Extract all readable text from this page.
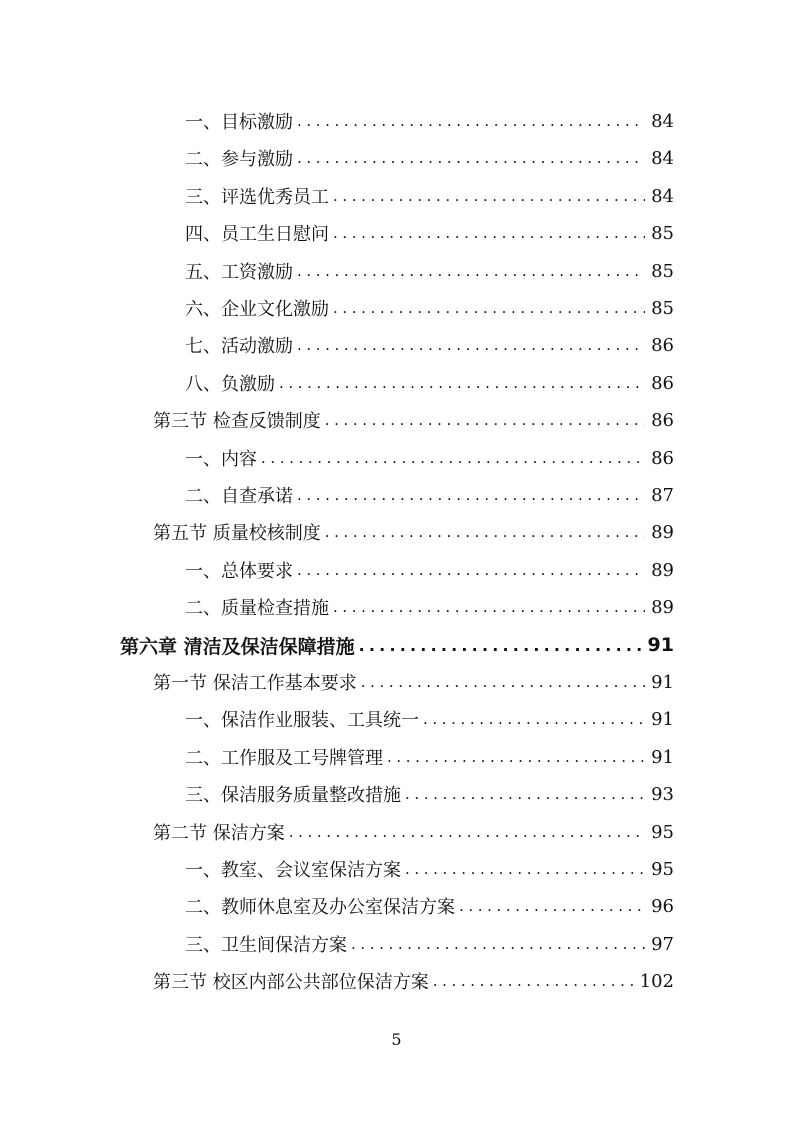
一、目标激励 .....	84
二、参与激励 .....	84
三、评选优秀员工 .....	84
四、员工生日慰问 .....	85
五、工资激励 .....	85
六、企业文化激励 .....	85
七、活动激励 .....	86
八、负激励 .....	86
第三节 检查反馈制度 .....	86
一、内容 .....	86
二、自查承诺 .....	87
第五节 质量校核制度 .....	89
一、总体要求 .....	89
二、质量检查措施 .....	89
第六章 清洁及保洁保障措施 .....	91
第一节 保洁工作基本要求 .....	91
一、保洁作业服装、工具统一 .....	91
二、工作服及工号牌管理 .....	91
三、保洁服务质量整改措施 .....	93
第二节 保洁方案 .....	95
一、教室、会议室保洁方案 .....	95
二、教师休息室及办公室保洁方案 .....	96
三、卫生间保洁方案 .....	97
第三节 校区内部公共部位保洁方案 .....	102
5
